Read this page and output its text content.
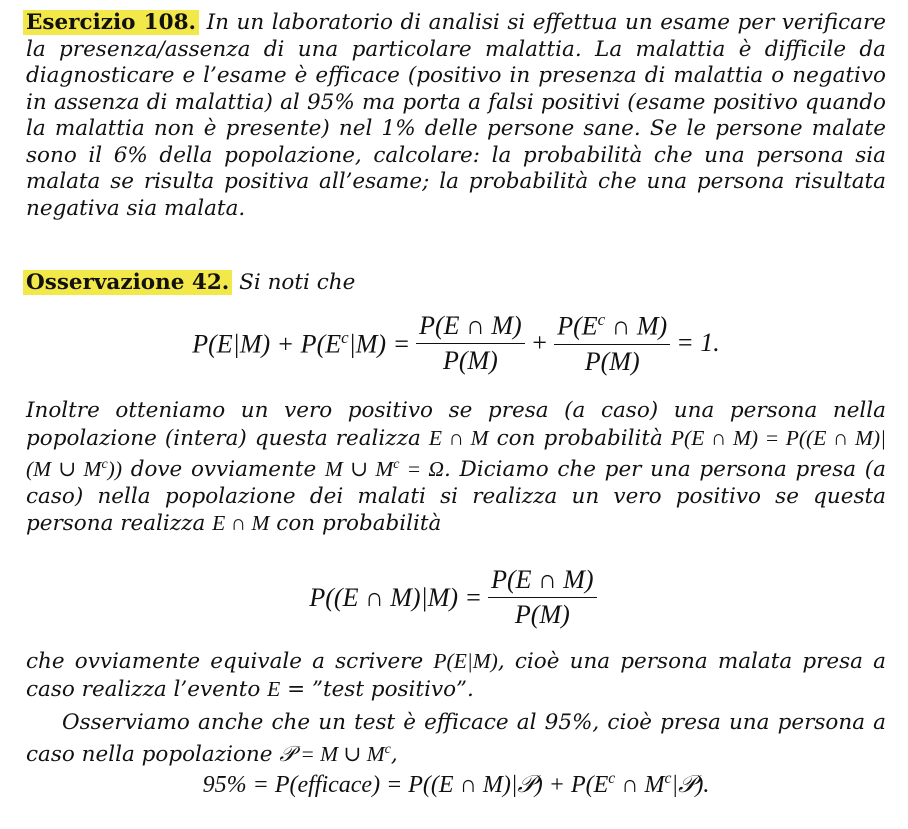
Esercizio 108. In un laboratorio di analisi si effettua un esame per verificare la presenza/assenza di una particolare malattia. La malattia è difficile da diagnosticare e l’esame è efficace (positivo in presenza di malattia o negativo in assenza di malattia) al 95% ma porta a falsi positivi (esame positivo quando la malattia non è presente) nel 1% delle persone sane. Se le persone malate sono il 6% della popolazione, calcolare: la probabilità che una persona sia malata se risulta positiva all’esame; la probabilità che una persona risultata negativa sia malata.

Osservazione 42. Si noti che

$P(E|M) + P(E^c|M) = \frac{P(E \cap M)}{P(M)} + \frac{P(E^c \cap M)}{P(M)} = 1$.

Inoltre otteniamo un vero positivo se presa (a caso) una persona nella popolazione (intera) questa realizza E ∩ M con probabilità P(E ∩ M) = P((E ∩ M)|(M ∪ $M^c$)) dove ovviamente M ∪ $M^c = \Omega$. Diciamo che per una persona presa (a caso) nella popolazione dei malati si realizza un vero positivo se questa persona realizza E ∩ M con probabilità

P((E ∩ $M)|M) = \frac{P(E \cap M)}{P(M)}$

che ovviamente equivale a scrivere P(E|M), cioè una persona malata presa a caso realizza l’evento E = ”test positivo”.

Osserviamo anche che un test è efficace al 95%, cioè presa una persona a caso nella popolazione 𝒫 = M ∪ $M^c$,

95% = P(efficace) = P((E ∩ M)|𝒫) + $P(E^c$ ∩ $M^c|𝒫$).
